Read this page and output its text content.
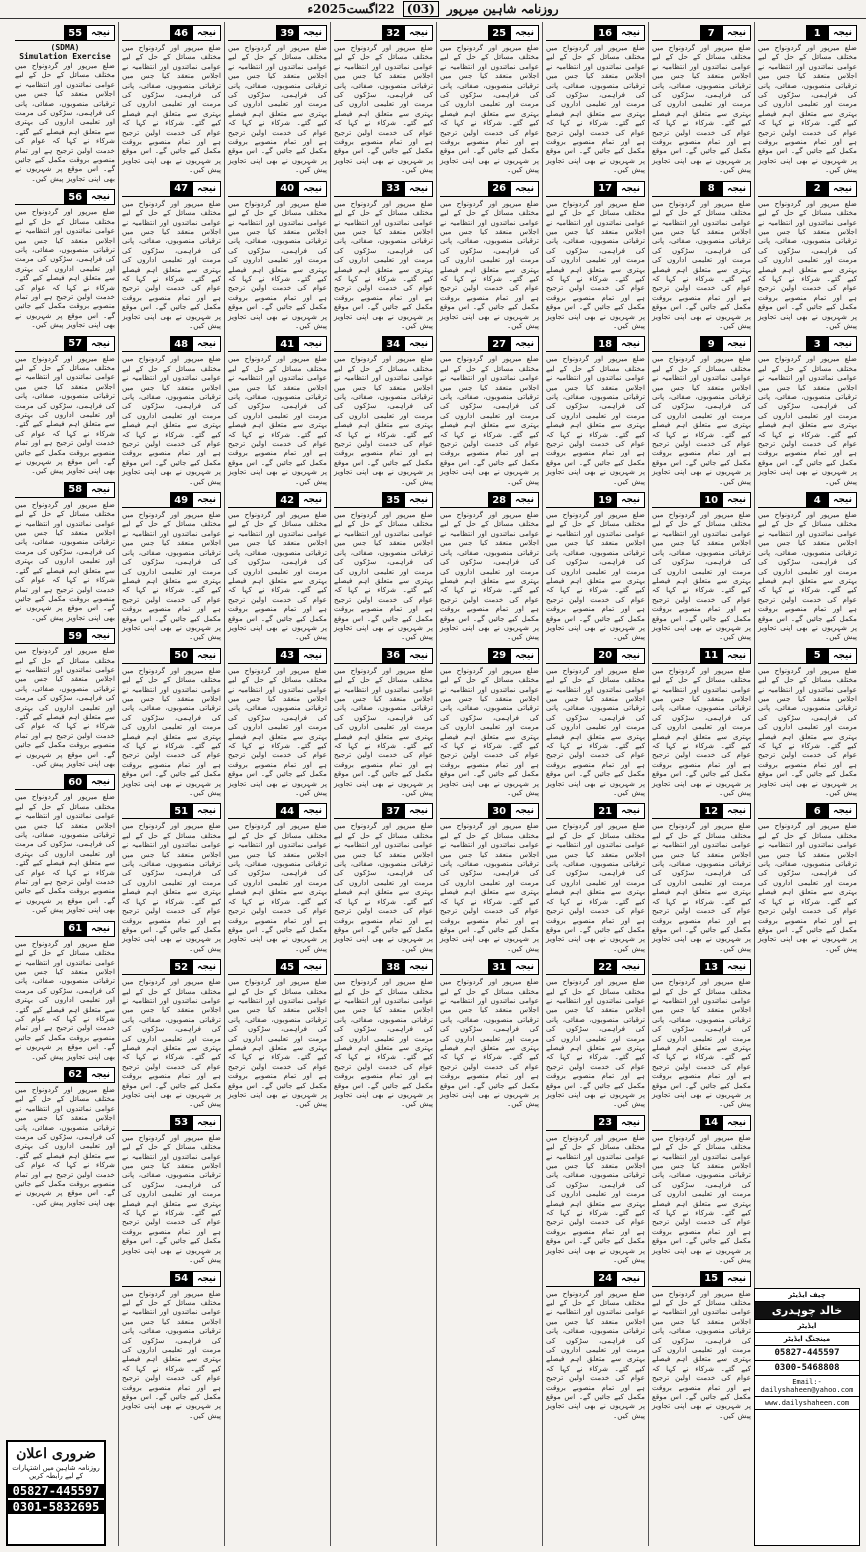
روزنامہ شاہین میرپور
(03)
22اگست2025ء
نیجہ
1
ضلع میرپور اور گردونواح میں مختلف مسائل کے حل کے لیے عوامی نمائندوں اور انتظامیہ نے اجلاس منعقد کیا جس میں ترقیاتی منصوبوں، صفائی، پانی کی فراہمی، سڑکوں کی مرمت اور تعلیمی اداروں کی بہتری سے متعلق اہم فیصلے کیے گئے۔ شرکاء نے کہا کہ عوام کی خدمت اولین ترجیح ہے اور تمام منصوبے بروقت مکمل کیے جائیں گے۔ اس موقع پر شہریوں نے بھی اپنی تجاویز پیش کیں۔
نیجہ
2
ضلع میرپور اور گردونواح میں مختلف مسائل کے حل کے لیے عوامی نمائندوں اور انتظامیہ نے اجلاس منعقد کیا جس میں ترقیاتی منصوبوں، صفائی، پانی کی فراہمی، سڑکوں کی مرمت اور تعلیمی اداروں کی بہتری سے متعلق اہم فیصلے کیے گئے۔ شرکاء نے کہا کہ عوام کی خدمت اولین ترجیح ہے اور تمام منصوبے بروقت مکمل کیے جائیں گے۔ اس موقع پر شہریوں نے بھی اپنی تجاویز پیش کیں۔
نیجہ
3
ضلع میرپور اور گردونواح میں مختلف مسائل کے حل کے لیے عوامی نمائندوں اور انتظامیہ نے اجلاس منعقد کیا جس میں ترقیاتی منصوبوں، صفائی، پانی کی فراہمی، سڑکوں کی مرمت اور تعلیمی اداروں کی بہتری سے متعلق اہم فیصلے کیے گئے۔ شرکاء نے کہا کہ عوام کی خدمت اولین ترجیح ہے اور تمام منصوبے بروقت مکمل کیے جائیں گے۔ اس موقع پر شہریوں نے بھی اپنی تجاویز پیش کیں۔
نیجہ
4
ضلع میرپور اور گردونواح میں مختلف مسائل کے حل کے لیے عوامی نمائندوں اور انتظامیہ نے اجلاس منعقد کیا جس میں ترقیاتی منصوبوں، صفائی، پانی کی فراہمی، سڑکوں کی مرمت اور تعلیمی اداروں کی بہتری سے متعلق اہم فیصلے کیے گئے۔ شرکاء نے کہا کہ عوام کی خدمت اولین ترجیح ہے اور تمام منصوبے بروقت مکمل کیے جائیں گے۔ اس موقع پر شہریوں نے بھی اپنی تجاویز پیش کیں۔
نیجہ
5
ضلع میرپور اور گردونواح میں مختلف مسائل کے حل کے لیے عوامی نمائندوں اور انتظامیہ نے اجلاس منعقد کیا جس میں ترقیاتی منصوبوں، صفائی، پانی کی فراہمی، سڑکوں کی مرمت اور تعلیمی اداروں کی بہتری سے متعلق اہم فیصلے کیے گئے۔ شرکاء نے کہا کہ عوام کی خدمت اولین ترجیح ہے اور تمام منصوبے بروقت مکمل کیے جائیں گے۔ اس موقع پر شہریوں نے بھی اپنی تجاویز پیش کیں۔
نیجہ
6
ضلع میرپور اور گردونواح میں مختلف مسائل کے حل کے لیے عوامی نمائندوں اور انتظامیہ نے اجلاس منعقد کیا جس میں ترقیاتی منصوبوں، صفائی، پانی کی فراہمی، سڑکوں کی مرمت اور تعلیمی اداروں کی بہتری سے متعلق اہم فیصلے کیے گئے۔ شرکاء نے کہا کہ عوام کی خدمت اولین ترجیح ہے اور تمام منصوبے بروقت مکمل کیے جائیں گے۔ اس موقع پر شہریوں نے بھی اپنی تجاویز پیش کیں۔
نیجہ
7
ضلع میرپور اور گردونواح میں مختلف مسائل کے حل کے لیے عوامی نمائندوں اور انتظامیہ نے اجلاس منعقد کیا جس میں ترقیاتی منصوبوں، صفائی، پانی کی فراہمی، سڑکوں کی مرمت اور تعلیمی اداروں کی بہتری سے متعلق اہم فیصلے کیے گئے۔ شرکاء نے کہا کہ عوام کی خدمت اولین ترجیح ہے اور تمام منصوبے بروقت مکمل کیے جائیں گے۔ اس موقع پر شہریوں نے بھی اپنی تجاویز پیش کیں۔
نیجہ
8
ضلع میرپور اور گردونواح میں مختلف مسائل کے حل کے لیے عوامی نمائندوں اور انتظامیہ نے اجلاس منعقد کیا جس میں ترقیاتی منصوبوں، صفائی، پانی کی فراہمی، سڑکوں کی مرمت اور تعلیمی اداروں کی بہتری سے متعلق اہم فیصلے کیے گئے۔ شرکاء نے کہا کہ عوام کی خدمت اولین ترجیح ہے اور تمام منصوبے بروقت مکمل کیے جائیں گے۔ اس موقع پر شہریوں نے بھی اپنی تجاویز پیش کیں۔
نیجہ
9
ضلع میرپور اور گردونواح میں مختلف مسائل کے حل کے لیے عوامی نمائندوں اور انتظامیہ نے اجلاس منعقد کیا جس میں ترقیاتی منصوبوں، صفائی، پانی کی فراہمی، سڑکوں کی مرمت اور تعلیمی اداروں کی بہتری سے متعلق اہم فیصلے کیے گئے۔ شرکاء نے کہا کہ عوام کی خدمت اولین ترجیح ہے اور تمام منصوبے بروقت مکمل کیے جائیں گے۔ اس موقع پر شہریوں نے بھی اپنی تجاویز پیش کیں۔
نیجہ
10
ضلع میرپور اور گردونواح میں مختلف مسائل کے حل کے لیے عوامی نمائندوں اور انتظامیہ نے اجلاس منعقد کیا جس میں ترقیاتی منصوبوں، صفائی، پانی کی فراہمی، سڑکوں کی مرمت اور تعلیمی اداروں کی بہتری سے متعلق اہم فیصلے کیے گئے۔ شرکاء نے کہا کہ عوام کی خدمت اولین ترجیح ہے اور تمام منصوبے بروقت مکمل کیے جائیں گے۔ اس موقع پر شہریوں نے بھی اپنی تجاویز پیش کیں۔
نیجہ
11
ضلع میرپور اور گردونواح میں مختلف مسائل کے حل کے لیے عوامی نمائندوں اور انتظامیہ نے اجلاس منعقد کیا جس میں ترقیاتی منصوبوں، صفائی، پانی کی فراہمی، سڑکوں کی مرمت اور تعلیمی اداروں کی بہتری سے متعلق اہم فیصلے کیے گئے۔ شرکاء نے کہا کہ عوام کی خدمت اولین ترجیح ہے اور تمام منصوبے بروقت مکمل کیے جائیں گے۔ اس موقع پر شہریوں نے بھی اپنی تجاویز پیش کیں۔
نیجہ
12
ضلع میرپور اور گردونواح میں مختلف مسائل کے حل کے لیے عوامی نمائندوں اور انتظامیہ نے اجلاس منعقد کیا جس میں ترقیاتی منصوبوں، صفائی، پانی کی فراہمی، سڑکوں کی مرمت اور تعلیمی اداروں کی بہتری سے متعلق اہم فیصلے کیے گئے۔ شرکاء نے کہا کہ عوام کی خدمت اولین ترجیح ہے اور تمام منصوبے بروقت مکمل کیے جائیں گے۔ اس موقع پر شہریوں نے بھی اپنی تجاویز پیش کیں۔
نیجہ
13
ضلع میرپور اور گردونواح میں مختلف مسائل کے حل کے لیے عوامی نمائندوں اور انتظامیہ نے اجلاس منعقد کیا جس میں ترقیاتی منصوبوں، صفائی، پانی کی فراہمی، سڑکوں کی مرمت اور تعلیمی اداروں کی بہتری سے متعلق اہم فیصلے کیے گئے۔ شرکاء نے کہا کہ عوام کی خدمت اولین ترجیح ہے اور تمام منصوبے بروقت مکمل کیے جائیں گے۔ اس موقع پر شہریوں نے بھی اپنی تجاویز پیش کیں۔
نیجہ
14
ضلع میرپور اور گردونواح میں مختلف مسائل کے حل کے لیے عوامی نمائندوں اور انتظامیہ نے اجلاس منعقد کیا جس میں ترقیاتی منصوبوں، صفائی، پانی کی فراہمی، سڑکوں کی مرمت اور تعلیمی اداروں کی بہتری سے متعلق اہم فیصلے کیے گئے۔ شرکاء نے کہا کہ عوام کی خدمت اولین ترجیح ہے اور تمام منصوبے بروقت مکمل کیے جائیں گے۔ اس موقع پر شہریوں نے بھی اپنی تجاویز پیش کیں۔
نیجہ
15
ضلع میرپور اور گردونواح میں مختلف مسائل کے حل کے لیے عوامی نمائندوں اور انتظامیہ نے اجلاس منعقد کیا جس میں ترقیاتی منصوبوں، صفائی، پانی کی فراہمی، سڑکوں کی مرمت اور تعلیمی اداروں کی بہتری سے متعلق اہم فیصلے کیے گئے۔ شرکاء نے کہا کہ عوام کی خدمت اولین ترجیح ہے اور تمام منصوبے بروقت مکمل کیے جائیں گے۔ اس موقع پر شہریوں نے بھی اپنی تجاویز پیش کیں۔
نیجہ
16
ضلع میرپور اور گردونواح میں مختلف مسائل کے حل کے لیے عوامی نمائندوں اور انتظامیہ نے اجلاس منعقد کیا جس میں ترقیاتی منصوبوں، صفائی، پانی کی فراہمی، سڑکوں کی مرمت اور تعلیمی اداروں کی بہتری سے متعلق اہم فیصلے کیے گئے۔ شرکاء نے کہا کہ عوام کی خدمت اولین ترجیح ہے اور تمام منصوبے بروقت مکمل کیے جائیں گے۔ اس موقع پر شہریوں نے بھی اپنی تجاویز پیش کیں۔
نیجہ
17
ضلع میرپور اور گردونواح میں مختلف مسائل کے حل کے لیے عوامی نمائندوں اور انتظامیہ نے اجلاس منعقد کیا جس میں ترقیاتی منصوبوں، صفائی، پانی کی فراہمی، سڑکوں کی مرمت اور تعلیمی اداروں کی بہتری سے متعلق اہم فیصلے کیے گئے۔ شرکاء نے کہا کہ عوام کی خدمت اولین ترجیح ہے اور تمام منصوبے بروقت مکمل کیے جائیں گے۔ اس موقع پر شہریوں نے بھی اپنی تجاویز پیش کیں۔
نیجہ
18
ضلع میرپور اور گردونواح میں مختلف مسائل کے حل کے لیے عوامی نمائندوں اور انتظامیہ نے اجلاس منعقد کیا جس میں ترقیاتی منصوبوں، صفائی، پانی کی فراہمی، سڑکوں کی مرمت اور تعلیمی اداروں کی بہتری سے متعلق اہم فیصلے کیے گئے۔ شرکاء نے کہا کہ عوام کی خدمت اولین ترجیح ہے اور تمام منصوبے بروقت مکمل کیے جائیں گے۔ اس موقع پر شہریوں نے بھی اپنی تجاویز پیش کیں۔
نیجہ
19
ضلع میرپور اور گردونواح میں مختلف مسائل کے حل کے لیے عوامی نمائندوں اور انتظامیہ نے اجلاس منعقد کیا جس میں ترقیاتی منصوبوں، صفائی، پانی کی فراہمی، سڑکوں کی مرمت اور تعلیمی اداروں کی بہتری سے متعلق اہم فیصلے کیے گئے۔ شرکاء نے کہا کہ عوام کی خدمت اولین ترجیح ہے اور تمام منصوبے بروقت مکمل کیے جائیں گے۔ اس موقع پر شہریوں نے بھی اپنی تجاویز پیش کیں۔
نیجہ
20
ضلع میرپور اور گردونواح میں مختلف مسائل کے حل کے لیے عوامی نمائندوں اور انتظامیہ نے اجلاس منعقد کیا جس میں ترقیاتی منصوبوں، صفائی، پانی کی فراہمی، سڑکوں کی مرمت اور تعلیمی اداروں کی بہتری سے متعلق اہم فیصلے کیے گئے۔ شرکاء نے کہا کہ عوام کی خدمت اولین ترجیح ہے اور تمام منصوبے بروقت مکمل کیے جائیں گے۔ اس موقع پر شہریوں نے بھی اپنی تجاویز پیش کیں۔
نیجہ
21
ضلع میرپور اور گردونواح میں مختلف مسائل کے حل کے لیے عوامی نمائندوں اور انتظامیہ نے اجلاس منعقد کیا جس میں ترقیاتی منصوبوں، صفائی، پانی کی فراہمی، سڑکوں کی مرمت اور تعلیمی اداروں کی بہتری سے متعلق اہم فیصلے کیے گئے۔ شرکاء نے کہا کہ عوام کی خدمت اولین ترجیح ہے اور تمام منصوبے بروقت مکمل کیے جائیں گے۔ اس موقع پر شہریوں نے بھی اپنی تجاویز پیش کیں۔
نیجہ
22
ضلع میرپور اور گردونواح میں مختلف مسائل کے حل کے لیے عوامی نمائندوں اور انتظامیہ نے اجلاس منعقد کیا جس میں ترقیاتی منصوبوں، صفائی، پانی کی فراہمی، سڑکوں کی مرمت اور تعلیمی اداروں کی بہتری سے متعلق اہم فیصلے کیے گئے۔ شرکاء نے کہا کہ عوام کی خدمت اولین ترجیح ہے اور تمام منصوبے بروقت مکمل کیے جائیں گے۔ اس موقع پر شہریوں نے بھی اپنی تجاویز پیش کیں۔
نیجہ
23
ضلع میرپور اور گردونواح میں مختلف مسائل کے حل کے لیے عوامی نمائندوں اور انتظامیہ نے اجلاس منعقد کیا جس میں ترقیاتی منصوبوں، صفائی، پانی کی فراہمی، سڑکوں کی مرمت اور تعلیمی اداروں کی بہتری سے متعلق اہم فیصلے کیے گئے۔ شرکاء نے کہا کہ عوام کی خدمت اولین ترجیح ہے اور تمام منصوبے بروقت مکمل کیے جائیں گے۔ اس موقع پر شہریوں نے بھی اپنی تجاویز پیش کیں۔
نیجہ
24
ضلع میرپور اور گردونواح میں مختلف مسائل کے حل کے لیے عوامی نمائندوں اور انتظامیہ نے اجلاس منعقد کیا جس میں ترقیاتی منصوبوں، صفائی، پانی کی فراہمی، سڑکوں کی مرمت اور تعلیمی اداروں کی بہتری سے متعلق اہم فیصلے کیے گئے۔ شرکاء نے کہا کہ عوام کی خدمت اولین ترجیح ہے اور تمام منصوبے بروقت مکمل کیے جائیں گے۔ اس موقع پر شہریوں نے بھی اپنی تجاویز پیش کیں۔
نیجہ
25
ضلع میرپور اور گردونواح میں مختلف مسائل کے حل کے لیے عوامی نمائندوں اور انتظامیہ نے اجلاس منعقد کیا جس میں ترقیاتی منصوبوں، صفائی، پانی کی فراہمی، سڑکوں کی مرمت اور تعلیمی اداروں کی بہتری سے متعلق اہم فیصلے کیے گئے۔ شرکاء نے کہا کہ عوام کی خدمت اولین ترجیح ہے اور تمام منصوبے بروقت مکمل کیے جائیں گے۔ اس موقع پر شہریوں نے بھی اپنی تجاویز پیش کیں۔
نیجہ
26
ضلع میرپور اور گردونواح میں مختلف مسائل کے حل کے لیے عوامی نمائندوں اور انتظامیہ نے اجلاس منعقد کیا جس میں ترقیاتی منصوبوں، صفائی، پانی کی فراہمی، سڑکوں کی مرمت اور تعلیمی اداروں کی بہتری سے متعلق اہم فیصلے کیے گئے۔ شرکاء نے کہا کہ عوام کی خدمت اولین ترجیح ہے اور تمام منصوبے بروقت مکمل کیے جائیں گے۔ اس موقع پر شہریوں نے بھی اپنی تجاویز پیش کیں۔
نیجہ
27
ضلع میرپور اور گردونواح میں مختلف مسائل کے حل کے لیے عوامی نمائندوں اور انتظامیہ نے اجلاس منعقد کیا جس میں ترقیاتی منصوبوں، صفائی، پانی کی فراہمی، سڑکوں کی مرمت اور تعلیمی اداروں کی بہتری سے متعلق اہم فیصلے کیے گئے۔ شرکاء نے کہا کہ عوام کی خدمت اولین ترجیح ہے اور تمام منصوبے بروقت مکمل کیے جائیں گے۔ اس موقع پر شہریوں نے بھی اپنی تجاویز پیش کیں۔
نیجہ
28
ضلع میرپور اور گردونواح میں مختلف مسائل کے حل کے لیے عوامی نمائندوں اور انتظامیہ نے اجلاس منعقد کیا جس میں ترقیاتی منصوبوں، صفائی، پانی کی فراہمی، سڑکوں کی مرمت اور تعلیمی اداروں کی بہتری سے متعلق اہم فیصلے کیے گئے۔ شرکاء نے کہا کہ عوام کی خدمت اولین ترجیح ہے اور تمام منصوبے بروقت مکمل کیے جائیں گے۔ اس موقع پر شہریوں نے بھی اپنی تجاویز پیش کیں۔
نیجہ
29
ضلع میرپور اور گردونواح میں مختلف مسائل کے حل کے لیے عوامی نمائندوں اور انتظامیہ نے اجلاس منعقد کیا جس میں ترقیاتی منصوبوں، صفائی، پانی کی فراہمی، سڑکوں کی مرمت اور تعلیمی اداروں کی بہتری سے متعلق اہم فیصلے کیے گئے۔ شرکاء نے کہا کہ عوام کی خدمت اولین ترجیح ہے اور تمام منصوبے بروقت مکمل کیے جائیں گے۔ اس موقع پر شہریوں نے بھی اپنی تجاویز پیش کیں۔
نیجہ
30
ضلع میرپور اور گردونواح میں مختلف مسائل کے حل کے لیے عوامی نمائندوں اور انتظامیہ نے اجلاس منعقد کیا جس میں ترقیاتی منصوبوں، صفائی، پانی کی فراہمی، سڑکوں کی مرمت اور تعلیمی اداروں کی بہتری سے متعلق اہم فیصلے کیے گئے۔ شرکاء نے کہا کہ عوام کی خدمت اولین ترجیح ہے اور تمام منصوبے بروقت مکمل کیے جائیں گے۔ اس موقع پر شہریوں نے بھی اپنی تجاویز پیش کیں۔
نیجہ
31
ضلع میرپور اور گردونواح میں مختلف مسائل کے حل کے لیے عوامی نمائندوں اور انتظامیہ نے اجلاس منعقد کیا جس میں ترقیاتی منصوبوں، صفائی، پانی کی فراہمی، سڑکوں کی مرمت اور تعلیمی اداروں کی بہتری سے متعلق اہم فیصلے کیے گئے۔ شرکاء نے کہا کہ عوام کی خدمت اولین ترجیح ہے اور تمام منصوبے بروقت مکمل کیے جائیں گے۔ اس موقع پر شہریوں نے بھی اپنی تجاویز پیش کیں۔
نیجہ
32
ضلع میرپور اور گردونواح میں مختلف مسائل کے حل کے لیے عوامی نمائندوں اور انتظامیہ نے اجلاس منعقد کیا جس میں ترقیاتی منصوبوں، صفائی، پانی کی فراہمی، سڑکوں کی مرمت اور تعلیمی اداروں کی بہتری سے متعلق اہم فیصلے کیے گئے۔ شرکاء نے کہا کہ عوام کی خدمت اولین ترجیح ہے اور تمام منصوبے بروقت مکمل کیے جائیں گے۔ اس موقع پر شہریوں نے بھی اپنی تجاویز پیش کیں۔
نیجہ
33
ضلع میرپور اور گردونواح میں مختلف مسائل کے حل کے لیے عوامی نمائندوں اور انتظامیہ نے اجلاس منعقد کیا جس میں ترقیاتی منصوبوں، صفائی، پانی کی فراہمی، سڑکوں کی مرمت اور تعلیمی اداروں کی بہتری سے متعلق اہم فیصلے کیے گئے۔ شرکاء نے کہا کہ عوام کی خدمت اولین ترجیح ہے اور تمام منصوبے بروقت مکمل کیے جائیں گے۔ اس موقع پر شہریوں نے بھی اپنی تجاویز پیش کیں۔
نیجہ
34
ضلع میرپور اور گردونواح میں مختلف مسائل کے حل کے لیے عوامی نمائندوں اور انتظامیہ نے اجلاس منعقد کیا جس میں ترقیاتی منصوبوں، صفائی، پانی کی فراہمی، سڑکوں کی مرمت اور تعلیمی اداروں کی بہتری سے متعلق اہم فیصلے کیے گئے۔ شرکاء نے کہا کہ عوام کی خدمت اولین ترجیح ہے اور تمام منصوبے بروقت مکمل کیے جائیں گے۔ اس موقع پر شہریوں نے بھی اپنی تجاویز پیش کیں۔
نیجہ
35
ضلع میرپور اور گردونواح میں مختلف مسائل کے حل کے لیے عوامی نمائندوں اور انتظامیہ نے اجلاس منعقد کیا جس میں ترقیاتی منصوبوں، صفائی، پانی کی فراہمی، سڑکوں کی مرمت اور تعلیمی اداروں کی بہتری سے متعلق اہم فیصلے کیے گئے۔ شرکاء نے کہا کہ عوام کی خدمت اولین ترجیح ہے اور تمام منصوبے بروقت مکمل کیے جائیں گے۔ اس موقع پر شہریوں نے بھی اپنی تجاویز پیش کیں۔
نیجہ
36
ضلع میرپور اور گردونواح میں مختلف مسائل کے حل کے لیے عوامی نمائندوں اور انتظامیہ نے اجلاس منعقد کیا جس میں ترقیاتی منصوبوں، صفائی، پانی کی فراہمی، سڑکوں کی مرمت اور تعلیمی اداروں کی بہتری سے متعلق اہم فیصلے کیے گئے۔ شرکاء نے کہا کہ عوام کی خدمت اولین ترجیح ہے اور تمام منصوبے بروقت مکمل کیے جائیں گے۔ اس موقع پر شہریوں نے بھی اپنی تجاویز پیش کیں۔
نیجہ
37
ضلع میرپور اور گردونواح میں مختلف مسائل کے حل کے لیے عوامی نمائندوں اور انتظامیہ نے اجلاس منعقد کیا جس میں ترقیاتی منصوبوں، صفائی، پانی کی فراہمی، سڑکوں کی مرمت اور تعلیمی اداروں کی بہتری سے متعلق اہم فیصلے کیے گئے۔ شرکاء نے کہا کہ عوام کی خدمت اولین ترجیح ہے اور تمام منصوبے بروقت مکمل کیے جائیں گے۔ اس موقع پر شہریوں نے بھی اپنی تجاویز پیش کیں۔
نیجہ
38
ضلع میرپور اور گردونواح میں مختلف مسائل کے حل کے لیے عوامی نمائندوں اور انتظامیہ نے اجلاس منعقد کیا جس میں ترقیاتی منصوبوں، صفائی، پانی کی فراہمی، سڑکوں کی مرمت اور تعلیمی اداروں کی بہتری سے متعلق اہم فیصلے کیے گئے۔ شرکاء نے کہا کہ عوام کی خدمت اولین ترجیح ہے اور تمام منصوبے بروقت مکمل کیے جائیں گے۔ اس موقع پر شہریوں نے بھی اپنی تجاویز پیش کیں۔
نیجہ
39
ضلع میرپور اور گردونواح میں مختلف مسائل کے حل کے لیے عوامی نمائندوں اور انتظامیہ نے اجلاس منعقد کیا جس میں ترقیاتی منصوبوں، صفائی، پانی کی فراہمی، سڑکوں کی مرمت اور تعلیمی اداروں کی بہتری سے متعلق اہم فیصلے کیے گئے۔ شرکاء نے کہا کہ عوام کی خدمت اولین ترجیح ہے اور تمام منصوبے بروقت مکمل کیے جائیں گے۔ اس موقع پر شہریوں نے بھی اپنی تجاویز پیش کیں۔
نیجہ
40
ضلع میرپور اور گردونواح میں مختلف مسائل کے حل کے لیے عوامی نمائندوں اور انتظامیہ نے اجلاس منعقد کیا جس میں ترقیاتی منصوبوں، صفائی، پانی کی فراہمی، سڑکوں کی مرمت اور تعلیمی اداروں کی بہتری سے متعلق اہم فیصلے کیے گئے۔ شرکاء نے کہا کہ عوام کی خدمت اولین ترجیح ہے اور تمام منصوبے بروقت مکمل کیے جائیں گے۔ اس موقع پر شہریوں نے بھی اپنی تجاویز پیش کیں۔
نیجہ
41
ضلع میرپور اور گردونواح میں مختلف مسائل کے حل کے لیے عوامی نمائندوں اور انتظامیہ نے اجلاس منعقد کیا جس میں ترقیاتی منصوبوں، صفائی، پانی کی فراہمی، سڑکوں کی مرمت اور تعلیمی اداروں کی بہتری سے متعلق اہم فیصلے کیے گئے۔ شرکاء نے کہا کہ عوام کی خدمت اولین ترجیح ہے اور تمام منصوبے بروقت مکمل کیے جائیں گے۔ اس موقع پر شہریوں نے بھی اپنی تجاویز پیش کیں۔
نیجہ
42
ضلع میرپور اور گردونواح میں مختلف مسائل کے حل کے لیے عوامی نمائندوں اور انتظامیہ نے اجلاس منعقد کیا جس میں ترقیاتی منصوبوں، صفائی، پانی کی فراہمی، سڑکوں کی مرمت اور تعلیمی اداروں کی بہتری سے متعلق اہم فیصلے کیے گئے۔ شرکاء نے کہا کہ عوام کی خدمت اولین ترجیح ہے اور تمام منصوبے بروقت مکمل کیے جائیں گے۔ اس موقع پر شہریوں نے بھی اپنی تجاویز پیش کیں۔
نیجہ
43
ضلع میرپور اور گردونواح میں مختلف مسائل کے حل کے لیے عوامی نمائندوں اور انتظامیہ نے اجلاس منعقد کیا جس میں ترقیاتی منصوبوں، صفائی، پانی کی فراہمی، سڑکوں کی مرمت اور تعلیمی اداروں کی بہتری سے متعلق اہم فیصلے کیے گئے۔ شرکاء نے کہا کہ عوام کی خدمت اولین ترجیح ہے اور تمام منصوبے بروقت مکمل کیے جائیں گے۔ اس موقع پر شہریوں نے بھی اپنی تجاویز پیش کیں۔
نیجہ
44
ضلع میرپور اور گردونواح میں مختلف مسائل کے حل کے لیے عوامی نمائندوں اور انتظامیہ نے اجلاس منعقد کیا جس میں ترقیاتی منصوبوں، صفائی، پانی کی فراہمی، سڑکوں کی مرمت اور تعلیمی اداروں کی بہتری سے متعلق اہم فیصلے کیے گئے۔ شرکاء نے کہا کہ عوام کی خدمت اولین ترجیح ہے اور تمام منصوبے بروقت مکمل کیے جائیں گے۔ اس موقع پر شہریوں نے بھی اپنی تجاویز پیش کیں۔
نیجہ
45
ضلع میرپور اور گردونواح میں مختلف مسائل کے حل کے لیے عوامی نمائندوں اور انتظامیہ نے اجلاس منعقد کیا جس میں ترقیاتی منصوبوں، صفائی، پانی کی فراہمی، سڑکوں کی مرمت اور تعلیمی اداروں کی بہتری سے متعلق اہم فیصلے کیے گئے۔ شرکاء نے کہا کہ عوام کی خدمت اولین ترجیح ہے اور تمام منصوبے بروقت مکمل کیے جائیں گے۔ اس موقع پر شہریوں نے بھی اپنی تجاویز پیش کیں۔
نیجہ
46
ضلع میرپور اور گردونواح میں مختلف مسائل کے حل کے لیے عوامی نمائندوں اور انتظامیہ نے اجلاس منعقد کیا جس میں ترقیاتی منصوبوں، صفائی، پانی کی فراہمی، سڑکوں کی مرمت اور تعلیمی اداروں کی بہتری سے متعلق اہم فیصلے کیے گئے۔ شرکاء نے کہا کہ عوام کی خدمت اولین ترجیح ہے اور تمام منصوبے بروقت مکمل کیے جائیں گے۔ اس موقع پر شہریوں نے بھی اپنی تجاویز پیش کیں۔
نیجہ
47
ضلع میرپور اور گردونواح میں مختلف مسائل کے حل کے لیے عوامی نمائندوں اور انتظامیہ نے اجلاس منعقد کیا جس میں ترقیاتی منصوبوں، صفائی، پانی کی فراہمی، سڑکوں کی مرمت اور تعلیمی اداروں کی بہتری سے متعلق اہم فیصلے کیے گئے۔ شرکاء نے کہا کہ عوام کی خدمت اولین ترجیح ہے اور تمام منصوبے بروقت مکمل کیے جائیں گے۔ اس موقع پر شہریوں نے بھی اپنی تجاویز پیش کیں۔
نیجہ
48
ضلع میرپور اور گردونواح میں مختلف مسائل کے حل کے لیے عوامی نمائندوں اور انتظامیہ نے اجلاس منعقد کیا جس میں ترقیاتی منصوبوں، صفائی، پانی کی فراہمی، سڑکوں کی مرمت اور تعلیمی اداروں کی بہتری سے متعلق اہم فیصلے کیے گئے۔ شرکاء نے کہا کہ عوام کی خدمت اولین ترجیح ہے اور تمام منصوبے بروقت مکمل کیے جائیں گے۔ اس موقع پر شہریوں نے بھی اپنی تجاویز پیش کیں۔
نیجہ
49
ضلع میرپور اور گردونواح میں مختلف مسائل کے حل کے لیے عوامی نمائندوں اور انتظامیہ نے اجلاس منعقد کیا جس میں ترقیاتی منصوبوں، صفائی، پانی کی فراہمی، سڑکوں کی مرمت اور تعلیمی اداروں کی بہتری سے متعلق اہم فیصلے کیے گئے۔ شرکاء نے کہا کہ عوام کی خدمت اولین ترجیح ہے اور تمام منصوبے بروقت مکمل کیے جائیں گے۔ اس موقع پر شہریوں نے بھی اپنی تجاویز پیش کیں۔
نیجہ
50
ضلع میرپور اور گردونواح میں مختلف مسائل کے حل کے لیے عوامی نمائندوں اور انتظامیہ نے اجلاس منعقد کیا جس میں ترقیاتی منصوبوں، صفائی، پانی کی فراہمی، سڑکوں کی مرمت اور تعلیمی اداروں کی بہتری سے متعلق اہم فیصلے کیے گئے۔ شرکاء نے کہا کہ عوام کی خدمت اولین ترجیح ہے اور تمام منصوبے بروقت مکمل کیے جائیں گے۔ اس موقع پر شہریوں نے بھی اپنی تجاویز پیش کیں۔
نیجہ
51
ضلع میرپور اور گردونواح میں مختلف مسائل کے حل کے لیے عوامی نمائندوں اور انتظامیہ نے اجلاس منعقد کیا جس میں ترقیاتی منصوبوں، صفائی، پانی کی فراہمی، سڑکوں کی مرمت اور تعلیمی اداروں کی بہتری سے متعلق اہم فیصلے کیے گئے۔ شرکاء نے کہا کہ عوام کی خدمت اولین ترجیح ہے اور تمام منصوبے بروقت مکمل کیے جائیں گے۔ اس موقع پر شہریوں نے بھی اپنی تجاویز پیش کیں۔
نیجہ
52
ضلع میرپور اور گردونواح میں مختلف مسائل کے حل کے لیے عوامی نمائندوں اور انتظامیہ نے اجلاس منعقد کیا جس میں ترقیاتی منصوبوں، صفائی، پانی کی فراہمی، سڑکوں کی مرمت اور تعلیمی اداروں کی بہتری سے متعلق اہم فیصلے کیے گئے۔ شرکاء نے کہا کہ عوام کی خدمت اولین ترجیح ہے اور تمام منصوبے بروقت مکمل کیے جائیں گے۔ اس موقع پر شہریوں نے بھی اپنی تجاویز پیش کیں۔
نیجہ
53
ضلع میرپور اور گردونواح میں مختلف مسائل کے حل کے لیے عوامی نمائندوں اور انتظامیہ نے اجلاس منعقد کیا جس میں ترقیاتی منصوبوں، صفائی، پانی کی فراہمی، سڑکوں کی مرمت اور تعلیمی اداروں کی بہتری سے متعلق اہم فیصلے کیے گئے۔ شرکاء نے کہا کہ عوام کی خدمت اولین ترجیح ہے اور تمام منصوبے بروقت مکمل کیے جائیں گے۔ اس موقع پر شہریوں نے بھی اپنی تجاویز پیش کیں۔
نیجہ
54
ضلع میرپور اور گردونواح میں مختلف مسائل کے حل کے لیے عوامی نمائندوں اور انتظامیہ نے اجلاس منعقد کیا جس میں ترقیاتی منصوبوں، صفائی، پانی کی فراہمی، سڑکوں کی مرمت اور تعلیمی اداروں کی بہتری سے متعلق اہم فیصلے کیے گئے۔ شرکاء نے کہا کہ عوام کی خدمت اولین ترجیح ہے اور تمام منصوبے بروقت مکمل کیے جائیں گے۔ اس موقع پر شہریوں نے بھی اپنی تجاویز پیش کیں۔
نیجہ
55
(SDMA)
Simulation Exercise
ضلع میرپور اور گردونواح میں مختلف مسائل کے حل کے لیے عوامی نمائندوں اور انتظامیہ نے اجلاس منعقد کیا جس میں ترقیاتی منصوبوں، صفائی، پانی کی فراہمی، سڑکوں کی مرمت اور تعلیمی اداروں کی بہتری سے متعلق اہم فیصلے کیے گئے۔ شرکاء نے کہا کہ عوام کی خدمت اولین ترجیح ہے اور تمام منصوبے بروقت مکمل کیے جائیں گے۔ اس موقع پر شہریوں نے بھی اپنی تجاویز پیش کیں۔
نیجہ
56
ضلع میرپور اور گردونواح میں مختلف مسائل کے حل کے لیے عوامی نمائندوں اور انتظامیہ نے اجلاس منعقد کیا جس میں ترقیاتی منصوبوں، صفائی، پانی کی فراہمی، سڑکوں کی مرمت اور تعلیمی اداروں کی بہتری سے متعلق اہم فیصلے کیے گئے۔ شرکاء نے کہا کہ عوام کی خدمت اولین ترجیح ہے اور تمام منصوبے بروقت مکمل کیے جائیں گے۔ اس موقع پر شہریوں نے بھی اپنی تجاویز پیش کیں۔
نیجہ
57
ضلع میرپور اور گردونواح میں مختلف مسائل کے حل کے لیے عوامی نمائندوں اور انتظامیہ نے اجلاس منعقد کیا جس میں ترقیاتی منصوبوں، صفائی، پانی کی فراہمی، سڑکوں کی مرمت اور تعلیمی اداروں کی بہتری سے متعلق اہم فیصلے کیے گئے۔ شرکاء نے کہا کہ عوام کی خدمت اولین ترجیح ہے اور تمام منصوبے بروقت مکمل کیے جائیں گے۔ اس موقع پر شہریوں نے بھی اپنی تجاویز پیش کیں۔
نیجہ
58
ضلع میرپور اور گردونواح میں مختلف مسائل کے حل کے لیے عوامی نمائندوں اور انتظامیہ نے اجلاس منعقد کیا جس میں ترقیاتی منصوبوں، صفائی، پانی کی فراہمی، سڑکوں کی مرمت اور تعلیمی اداروں کی بہتری سے متعلق اہم فیصلے کیے گئے۔ شرکاء نے کہا کہ عوام کی خدمت اولین ترجیح ہے اور تمام منصوبے بروقت مکمل کیے جائیں گے۔ اس موقع پر شہریوں نے بھی اپنی تجاویز پیش کیں۔
نیجہ
59
ضلع میرپور اور گردونواح میں مختلف مسائل کے حل کے لیے عوامی نمائندوں اور انتظامیہ نے اجلاس منعقد کیا جس میں ترقیاتی منصوبوں، صفائی، پانی کی فراہمی، سڑکوں کی مرمت اور تعلیمی اداروں کی بہتری سے متعلق اہم فیصلے کیے گئے۔ شرکاء نے کہا کہ عوام کی خدمت اولین ترجیح ہے اور تمام منصوبے بروقت مکمل کیے جائیں گے۔ اس موقع پر شہریوں نے بھی اپنی تجاویز پیش کیں۔
نیجہ
60
ضلع میرپور اور گردونواح میں مختلف مسائل کے حل کے لیے عوامی نمائندوں اور انتظامیہ نے اجلاس منعقد کیا جس میں ترقیاتی منصوبوں، صفائی، پانی کی فراہمی، سڑکوں کی مرمت اور تعلیمی اداروں کی بہتری سے متعلق اہم فیصلے کیے گئے۔ شرکاء نے کہا کہ عوام کی خدمت اولین ترجیح ہے اور تمام منصوبے بروقت مکمل کیے جائیں گے۔ اس موقع پر شہریوں نے بھی اپنی تجاویز پیش کیں۔
نیجہ
61
ضلع میرپور اور گردونواح میں مختلف مسائل کے حل کے لیے عوامی نمائندوں اور انتظامیہ نے اجلاس منعقد کیا جس میں ترقیاتی منصوبوں، صفائی، پانی کی فراہمی، سڑکوں کی مرمت اور تعلیمی اداروں کی بہتری سے متعلق اہم فیصلے کیے گئے۔ شرکاء نے کہا کہ عوام کی خدمت اولین ترجیح ہے اور تمام منصوبے بروقت مکمل کیے جائیں گے۔ اس موقع پر شہریوں نے بھی اپنی تجاویز پیش کیں۔
نیجہ
62
ضلع میرپور اور گردونواح میں مختلف مسائل کے حل کے لیے عوامی نمائندوں اور انتظامیہ نے اجلاس منعقد کیا جس میں ترقیاتی منصوبوں، صفائی، پانی کی فراہمی، سڑکوں کی مرمت اور تعلیمی اداروں کی بہتری سے متعلق اہم فیصلے کیے گئے۔ شرکاء نے کہا کہ عوام کی خدمت اولین ترجیح ہے اور تمام منصوبے بروقت مکمل کیے جائیں گے۔ اس موقع پر شہریوں نے بھی اپنی تجاویز پیش کیں۔
ضروری اعلان
روزنامہ شاہین میں اشتہارات کے لیے رابطہ کریں
05827-445597
0301-5832695
چیف ایڈیٹر
خالد چوہدری
ایڈیٹر
مینجنگ ایڈیٹر
05827-445597
0300-5468808
Email:-dailyshaheen@yahoo.com
www.dailyshaheen.com
